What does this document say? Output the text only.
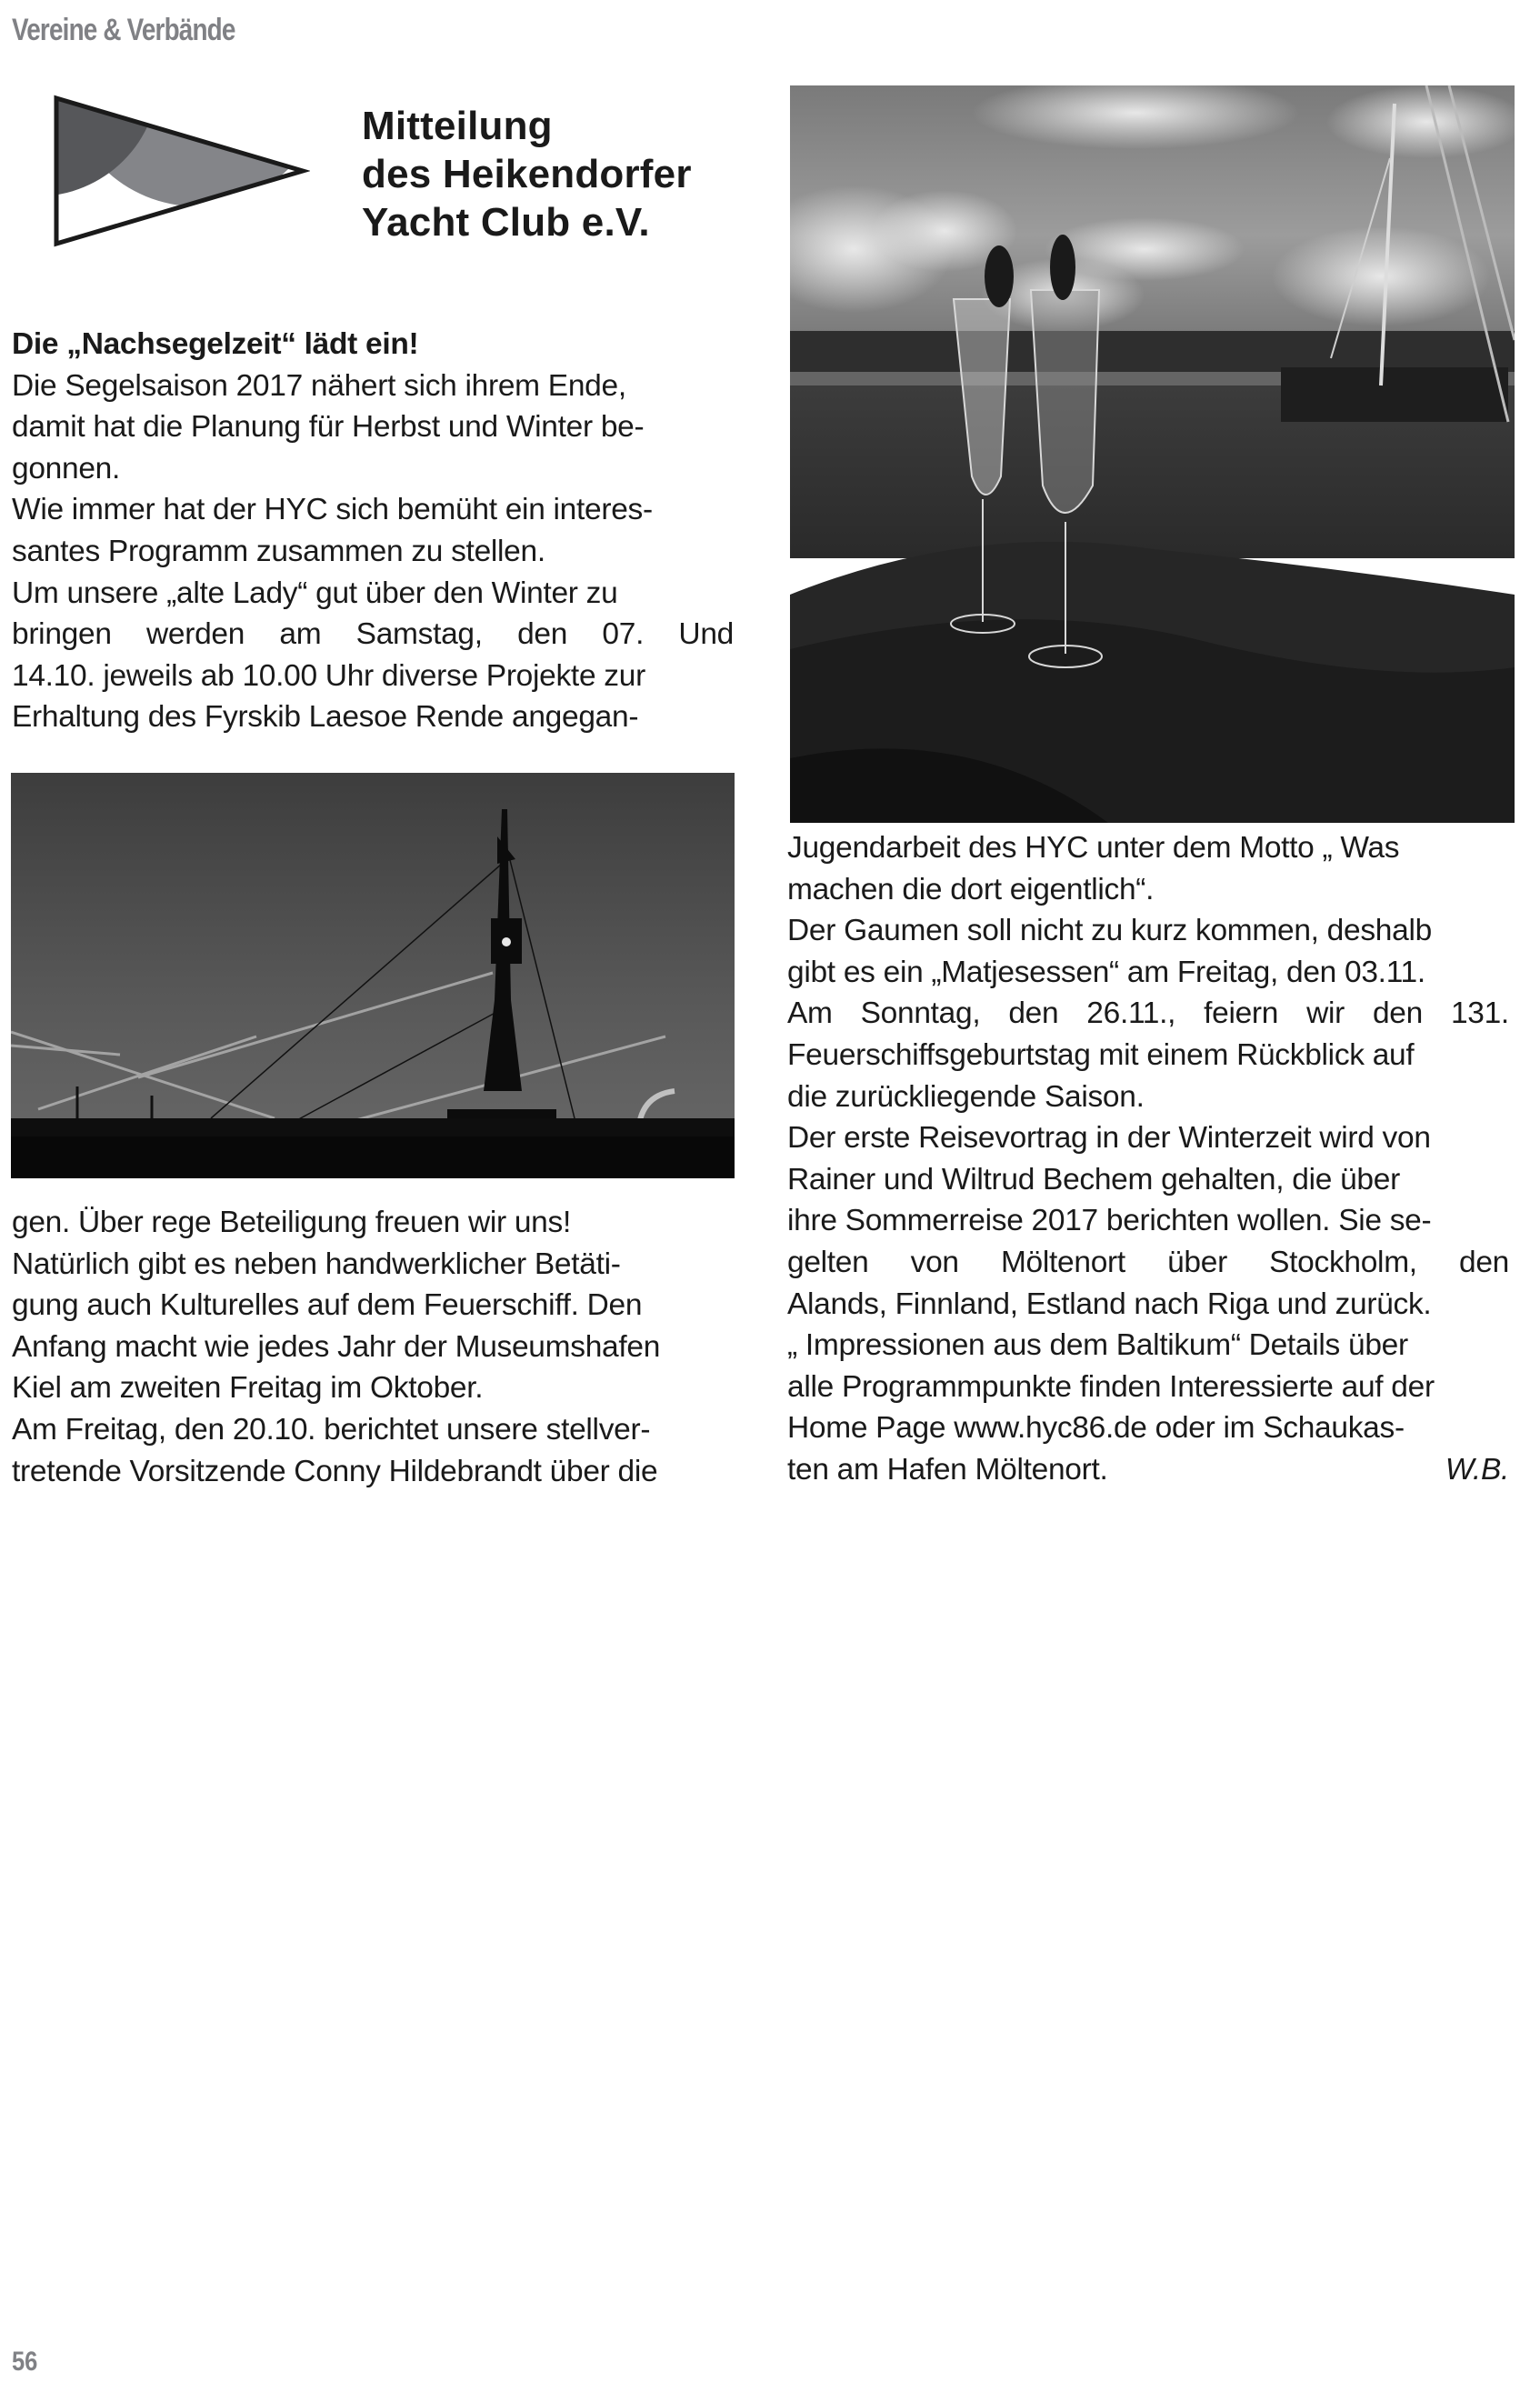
Vereine & Verbände
Mitteilung
des Heikendorfer
Yacht Club e.V.
Die „Nachsegelzeit“ lädt ein!
Die Segelsaison 2017 nähert sich ihrem Ende,
damit hat die Planung für Herbst und Winter be-
gonnen.
Wie immer hat der HYC sich bemüht ein interes-
santes Programm zusammen zu stellen.
Um unsere „alte Lady“ gut über den Winter zu
bringen werden am Samstag, den 07. Und
14.10. jeweils ab 10.00 Uhr diverse Projekte zur
Erhaltung des Fyrskib Laesoe Rende angegan-
gen. Über rege Beteiligung freuen wir uns!
Natürlich gibt es neben handwerklicher Betäti-
gung auch Kulturelles auf dem Feuerschiff. Den
Anfang macht wie jedes Jahr der Museumshafen
Kiel am zweiten Freitag im Oktober.
Am Freitag, den 20.10. berichtet unsere stellver-
tretende Vorsitzende Conny Hildebrandt über die
Jugendarbeit des HYC unter dem Motto „ Was
machen die dort eigentlich“.
Der Gaumen soll nicht zu kurz kommen, deshalb
gibt es ein „Matjesessen“ am Freitag, den 03.11.
Am Sonntag, den 26.11., feiern wir den 131.
Feuerschiffsgeburtstag mit einem Rückblick auf
die zurückliegende Saison.
Der erste Reisevortrag in der Winterzeit wird von
Rainer und Wiltrud Bechem gehalten, die über
ihre Sommerreise 2017 berichten wollen. Sie se-
gelten von Möltenort über Stockholm, den
Alands, Finnland, Estland nach Riga und zurück.
„ Impressionen aus dem Baltikum“ Details über
alle Programmpunkte finden Interessierte auf der
Home Page www.hyc86.de oder im Schaukas-
ten am Hafen Möltenort.	W.B.
56
